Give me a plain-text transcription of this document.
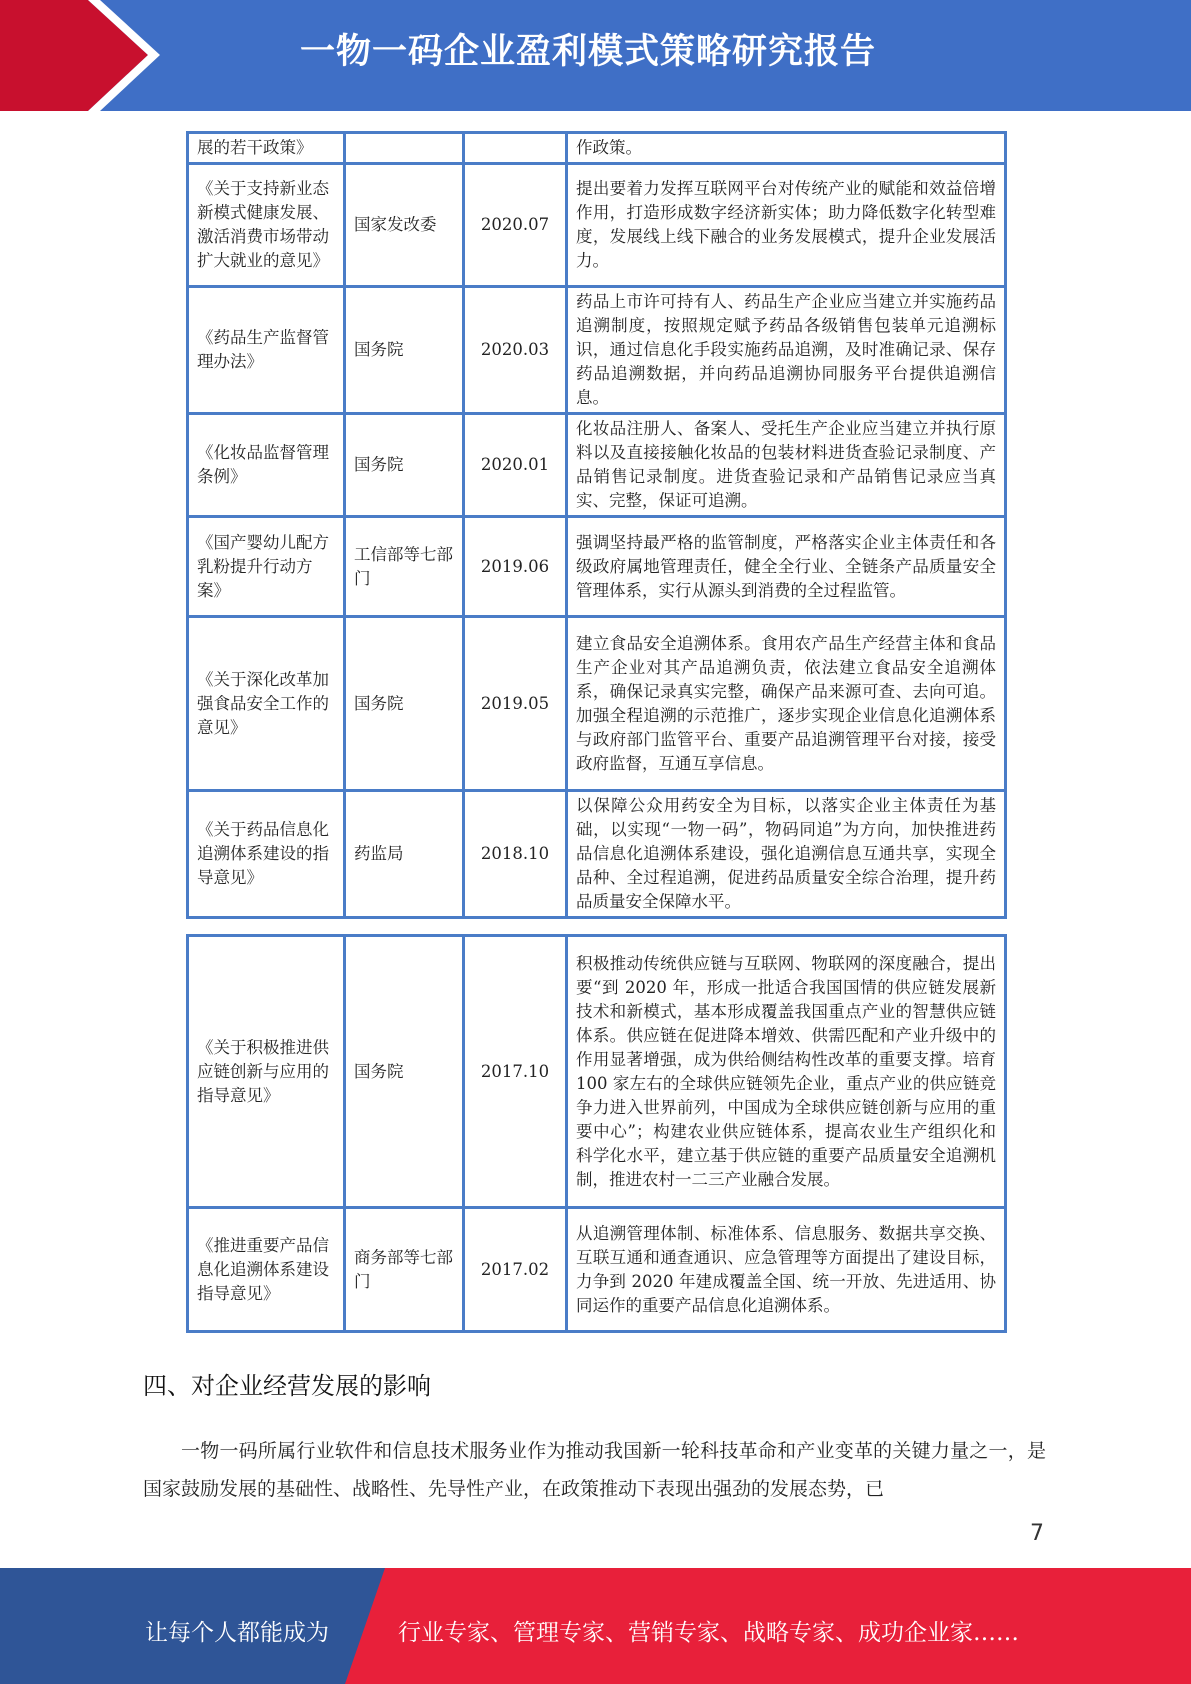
一物一码企业盈利模式策略研究报告
展的若干政策》			作政策。
《关于支持新业态新模式健康发展、激活消费市场带动扩大就业的意见》	国家发改委	2020.07	提出要着力发挥互联网平台对传统产业的赋能和效益倍增作用，打造形成数字经济新实体；助力降低数字化转型难度，发展线上线下融合的业务发展模式，提升企业发展活力。
《药品生产监督管理办法》	国务院	2020.03	药品上市许可持有人、药品生产企业应当建立并实施药品追溯制度，按照规定赋予药品各级销售包装单元追溯标识，通过信息化手段实施药品追溯，及时准确记录、保存药品追溯数据，并向药品追溯协同服务平台提供追溯信息。
《化妆品监督管理条例》	国务院	2020.01	化妆品注册人、备案人、受托生产企业应当建立并执行原料以及直接接触化妆品的包装材料进货查验记录制度、产品销售记录制度。进货查验记录和产品销售记录应当真实、完整，保证可追溯。
《国产婴幼儿配方乳粉提升行动方案》	工信部等七部门	2019.06	强调坚持最严格的监管制度，严格落实企业主体责任和各级政府属地管理责任，健全全行业、全链条产品质量安全管理体系，实行从源头到消费的全过程监管。
《关于深化改革加强食品安全工作的意见》	国务院	2019.05	建立食品安全追溯体系。食用农产品生产经营主体和食品生产企业对其产品追溯负责，依法建立食品安全追溯体系，确保记录真实完整，确保产品来源可查、去向可追。加强全程追溯的示范推广，逐步实现企业信息化追溯体系与政府部门监管平台、重要产品追溯管理平台对接，接受政府监督，互通互享信息。
《关于药品信息化追溯体系建设的指导意见》	药监局	2018.10	以保障公众用药安全为目标，以落实企业主体责任为基础，以实现“一物一码”，物码同追”为方向，加快推进药品信息化追溯体系建设，强化追溯信息互通共享，实现全品种、全过程追溯，促进药品质量安全综合治理，提升药品质量安全保障水平。
《关于积极推进供应链创新与应用的指导意见》	国务院	2017.10	积极推动传统供应链与互联网、物联网的深度融合，提出要“到 2020 年，形成一批适合我国国情的供应链发展新技术和新模式，基本形成覆盖我国重点产业的智慧供应链体系。供应链在促进降本增效、供需匹配和产业升级中的作用显著增强，成为供给侧结构性改革的重要支撑。培育 100 家左右的全球供应链领先企业，重点产业的供应链竞争力进入世界前列，中国成为全球供应链创新与应用的重要中心”；构建农业供应链体系，提高农业生产组织化和科学化水平，建立基于供应链的重要产品质量安全追溯机制，推进农村一二三产业融合发展。
《推进重要产品信息化追溯体系建设指导意见》	商务部等七部门	2017.02	从追溯管理体制、标准体系、信息服务、数据共享交换、互联互通和通查通识、应急管理等方面提出了建设目标，力争到 2020 年建成覆盖全国、统一开放、先进适用、协同运作的重要产品信息化追溯体系。
四、对企业经营发展的影响
一物一码所属行业软件和信息技术服务业作为推动我国新一轮科技革命和产业变革的关键力量之一，是国家鼓励发展的基础性、战略性、先导性产业，在政策推动下表现出强劲的发展态势，已
7
让每个人都能成为	行业专家、管理专家、营销专家、战略专家、成功企业家……
